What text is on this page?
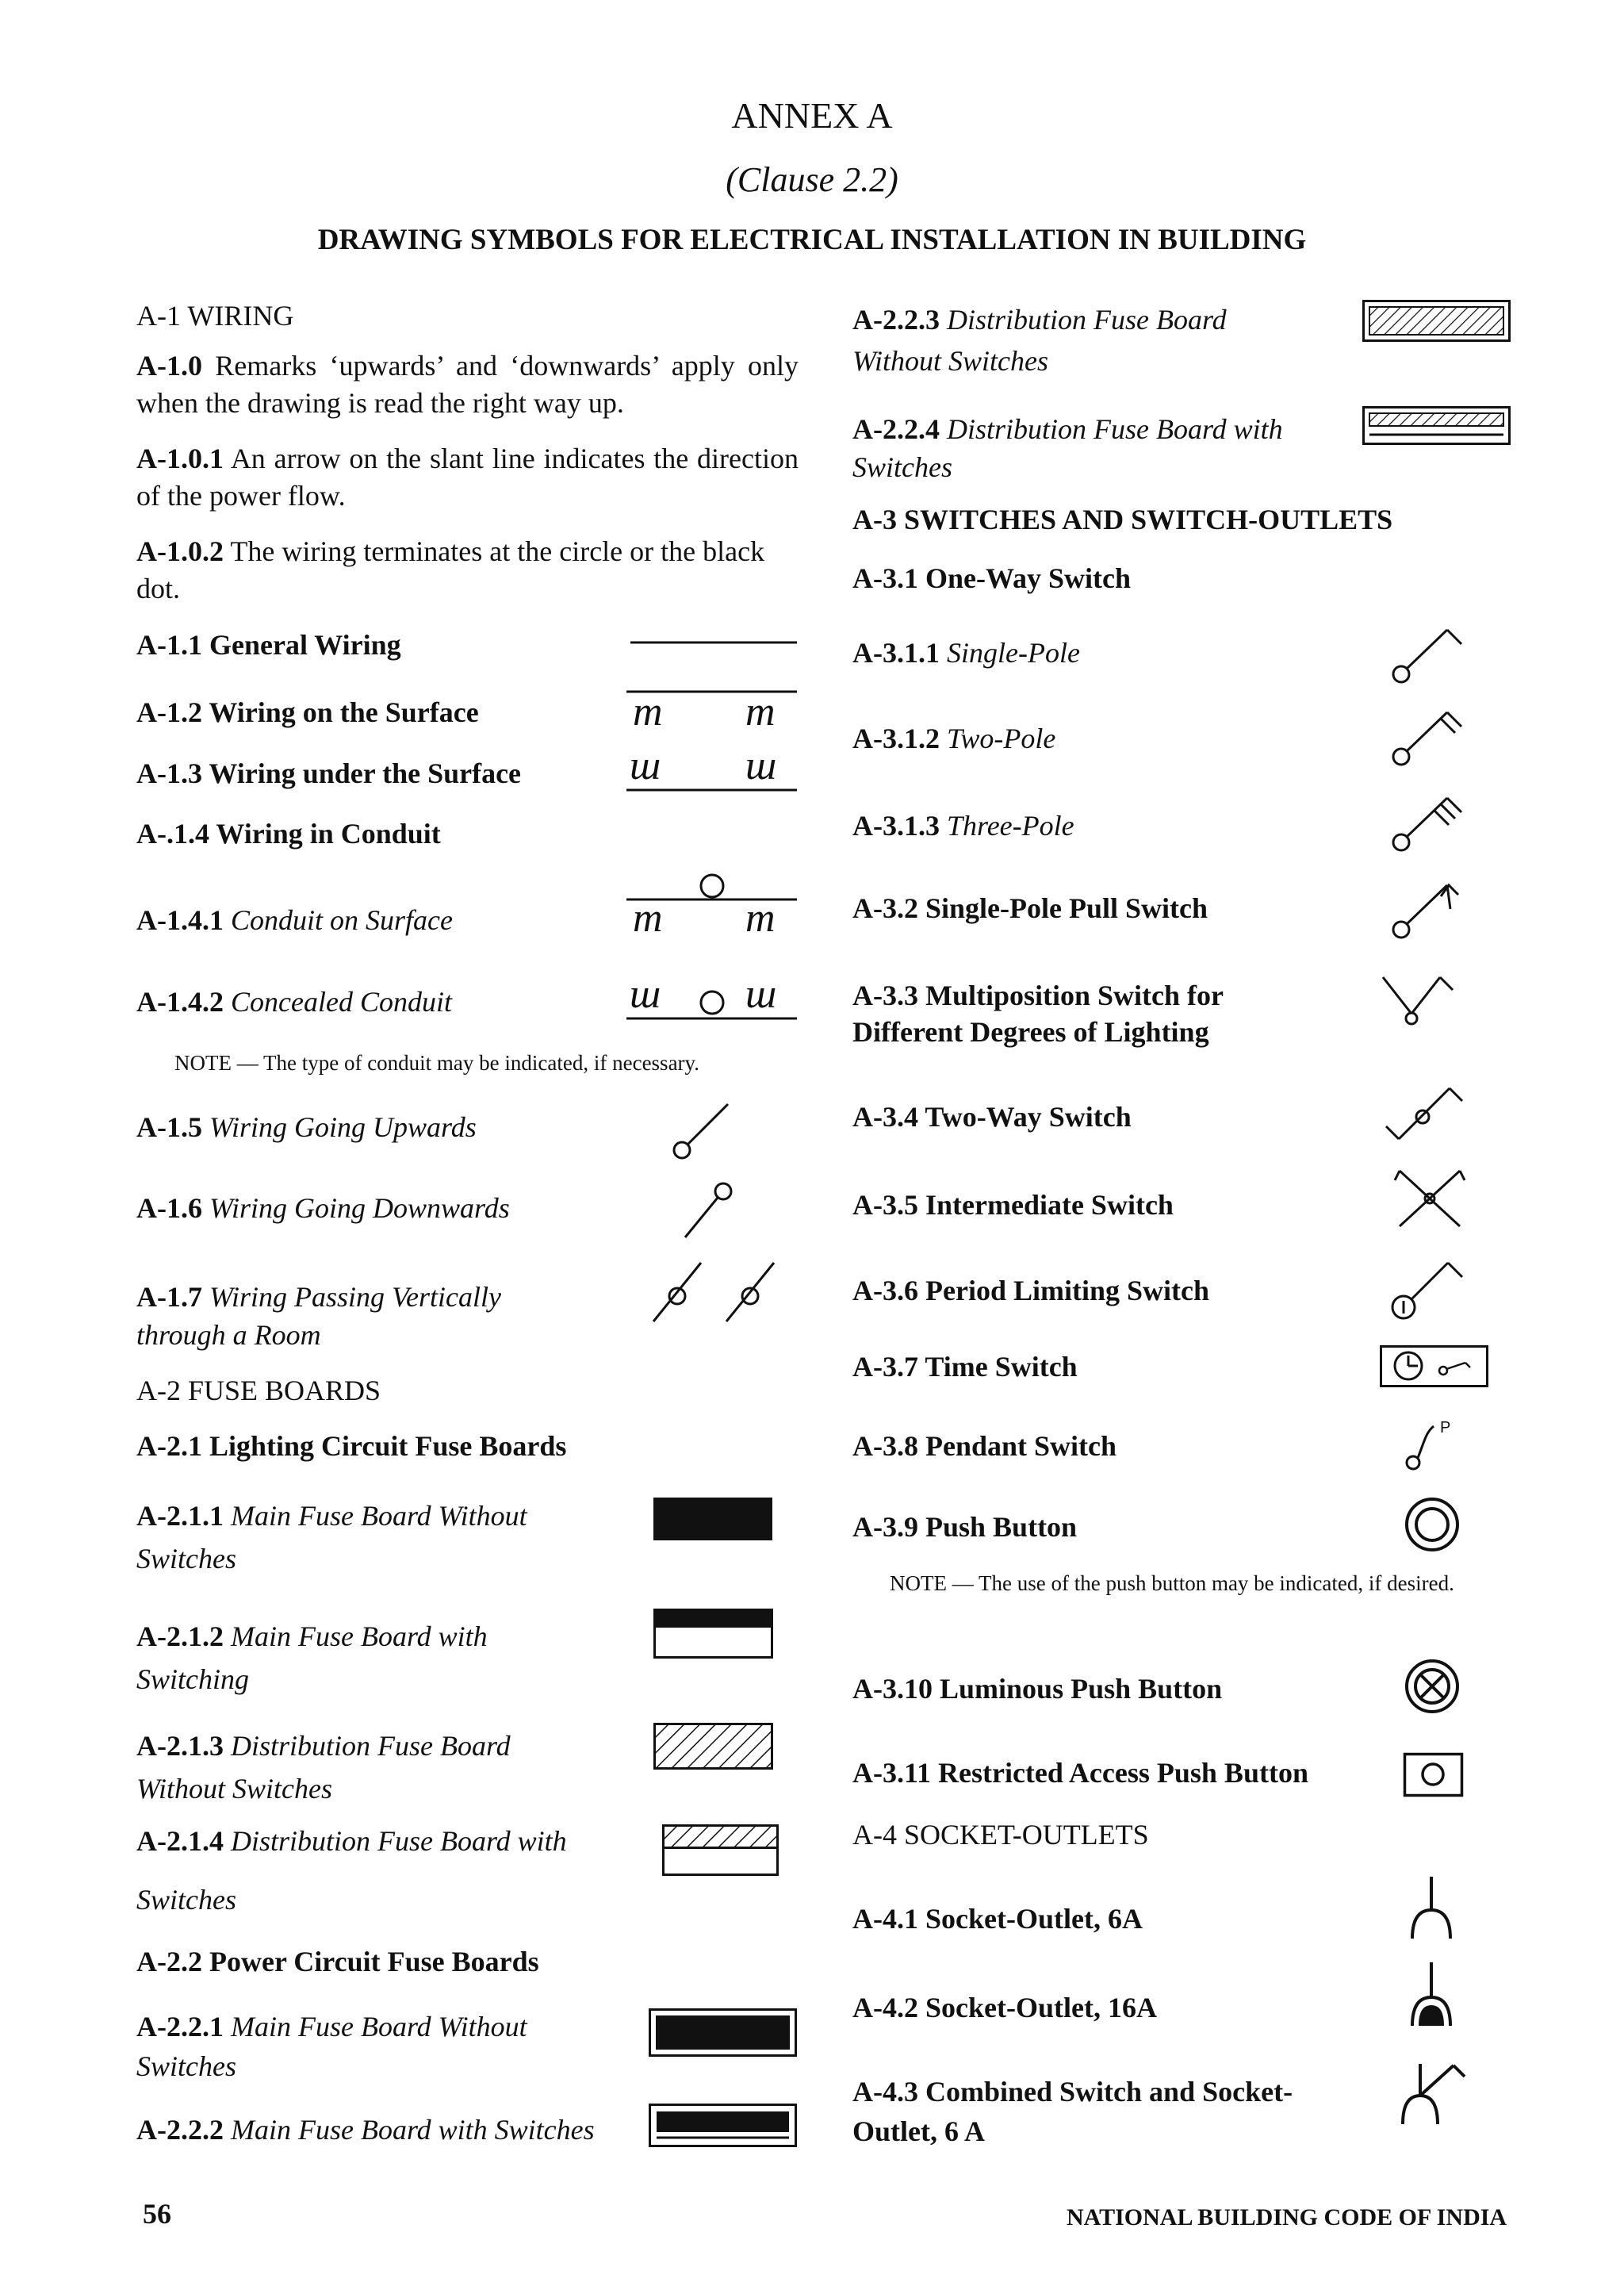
ANNEX A
(Clause 2.2)
DRAWING SYMBOLS FOR ELECTRICAL INSTALLATION IN BUILDING
A-1 WIRING
A-1.0 Remarks ‘upwards’ and ‘downwards’ apply only when the drawing is read the right way up.
A-1.0.1 An arrow on the slant line indicates the direction of the power flow.
A-1.0.2 The wiring terminates at the circle or the black dot.
A-1.1 General Wiring
A-1.2 Wiring on the Surface	m m
A-1.3 Wiring under the Surface	ш ш
A-.1.4 Wiring in Conduit
A-1.4.1 Conduit on Surface	m m
A-1.4.2 Concealed Conduit	ш ш
NOTE — The type of conduit may be indicated, if necessary.
A-1.5 Wiring Going Upwards
A-1.6 Wiring Going Downwards
A-1.7 Wiring Passing Vertically
through a Room
A-2 FUSE BOARDS
A-2.1 Lighting Circuit Fuse Boards
A-2.1.1 Main Fuse Board Without
Switches
A-2.1.2 Main Fuse Board with
Switching
A-2.1.3 Distribution Fuse Board
Without Switches
A-2.1.4 Distribution Fuse Board with
Switches
A-2.2 Power Circuit Fuse Boards
A-2.2.1 Main Fuse Board Without
Switches
A-2.2.2 Main Fuse Board with Switches
A-2.2.3 Distribution Fuse Board
Without Switches
A-2.2.4 Distribution Fuse Board with
Switches
A-3 SWITCHES AND SWITCH-OUTLETS
A-3.1 One-Way Switch
A-3.1.1 Single-Pole
A-3.1.2 Two-Pole
A-3.1.3 Three-Pole
A-3.2 Single-Pole Pull Switch
A-3.3 Multiposition Switch for
Different Degrees of Lighting
A-3.4 Two-Way Switch
A-3.5 Intermediate Switch
A-3.6 Period Limiting Switch
A-3.7 Time Switch
A-3.8 Pendant Switch
P
A-3.9 Push Button
NOTE — The use of the push button may be indicated, if desired.
A-3.10 Luminous Push Button
A-3.11 Restricted Access Push Button
A-4 SOCKET-OUTLETS
A-4.1 Socket-Outlet, 6A
A-4.2 Socket-Outlet, 16A
A-4.3 Combined Switch and Socket-
Outlet, 6 A
56	NATIONAL BUILDING CODE OF INDIA
